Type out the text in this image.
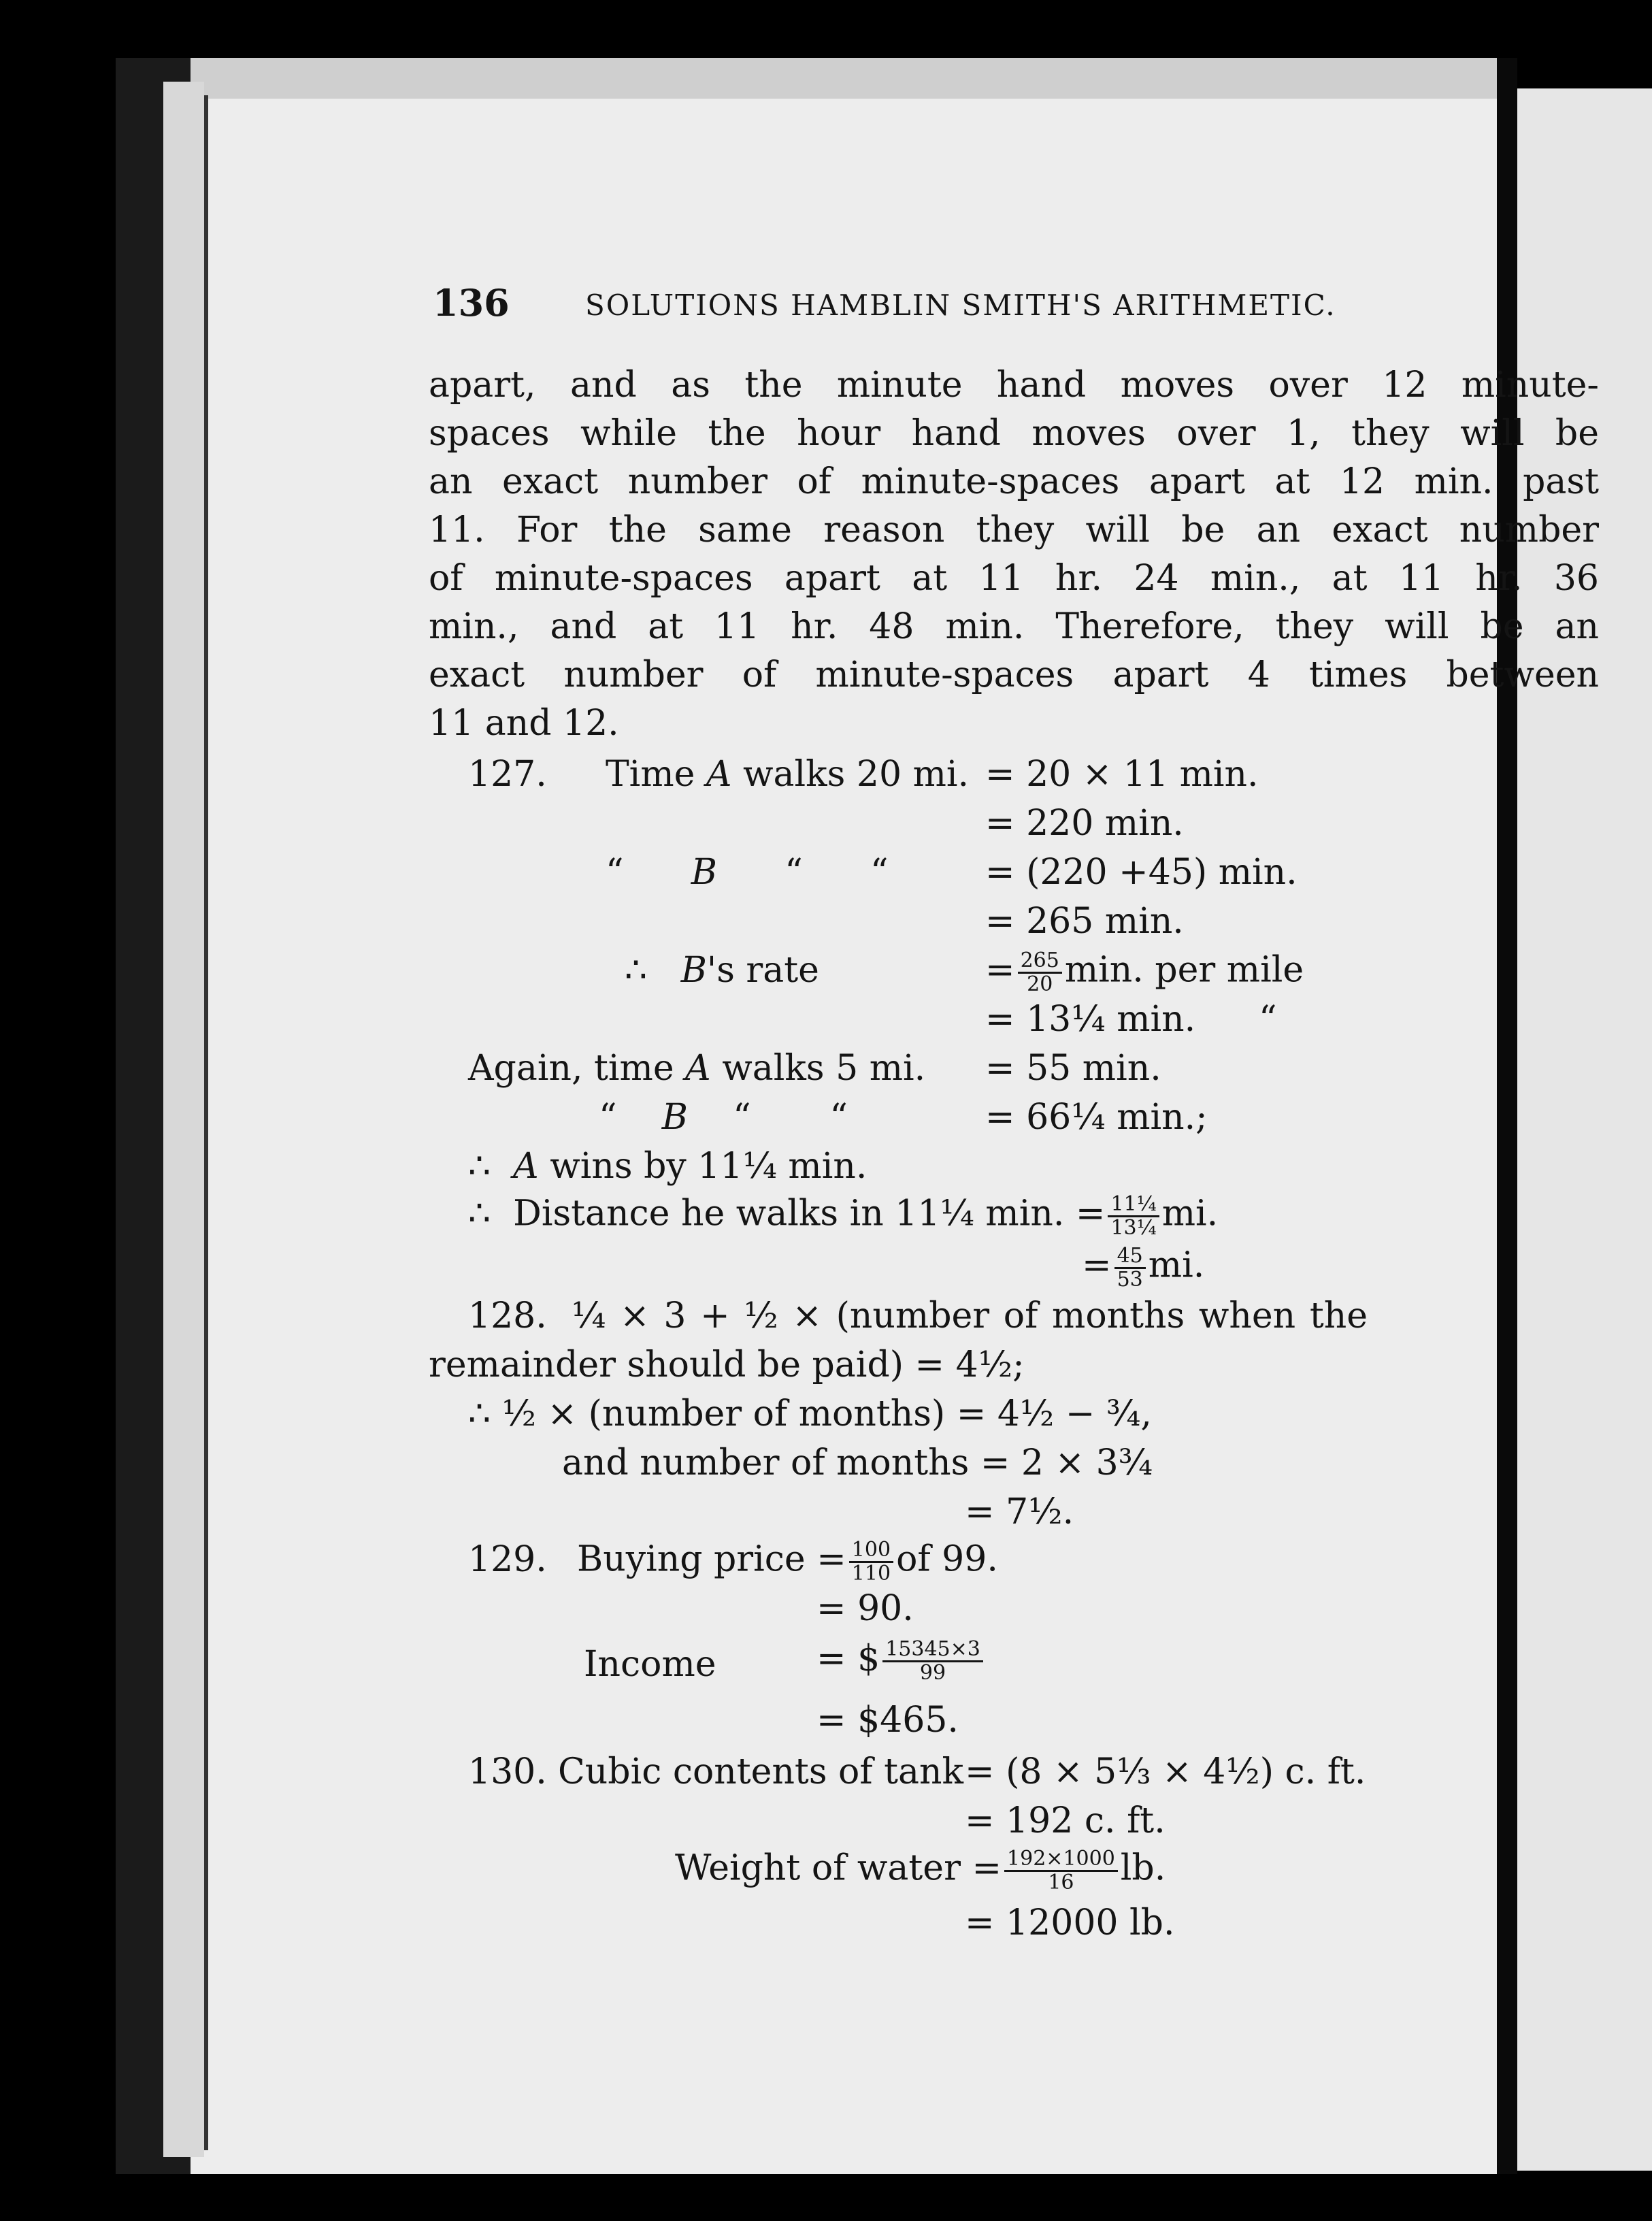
136	SOLUTIONS HAMBLIN SMITH'S ARITHMETIC.
apart, and as the minute hand moves over 12 minute-
spaces while the hour hand moves over 1, they will be
an exact number of minute-spaces apart at 12 min. past
11. For the same reason they will be an exact number
of minute-spaces apart at 11 hr. 24 min., at 11 hr. 36
min., and at 11 hr. 48 min. Therefore, they will be an
exact number of minute-spaces apart 4 times between
11 and 12.
127. Time A walks 20 mi. = 20 × 11 min.
= 220 min.
“ B “ “	= (220 +45) min.
= 265 min.
∴ B's rate	= $\frac{265}{20} \min$. per mile
= 13¼ min. “
Again, time A walks 5 mi. = 55 min.
“ B “ “	= 66¼ min.;
∴ A wins by 11¼ min.
∴ Distance he walks in 11¼ min. = $\frac{\text{11¼}}{\text{13¼}}$ mi.
= $\frac{45}{53}$ mi.
128. ¼ × 3 + ½ × (number of months when the
remainder should be paid) = 4½;
∴ ½ × (number of months) = 4½ − ¾,
and number of months = 2 × 3¾
= 7½.
129. Buying price = $\frac{100}{110}$ of 99.
= 90.
Income	= $ $\frac{15345\times 3}{99}$
= $465.
130. Cubic contents of tank = (8 × 5⅓ × 4½) c. ft.
= 192 c. ft.
Weight of water = $\frac{192\times 1000}{16}$ lb.
= 12000 lb.
